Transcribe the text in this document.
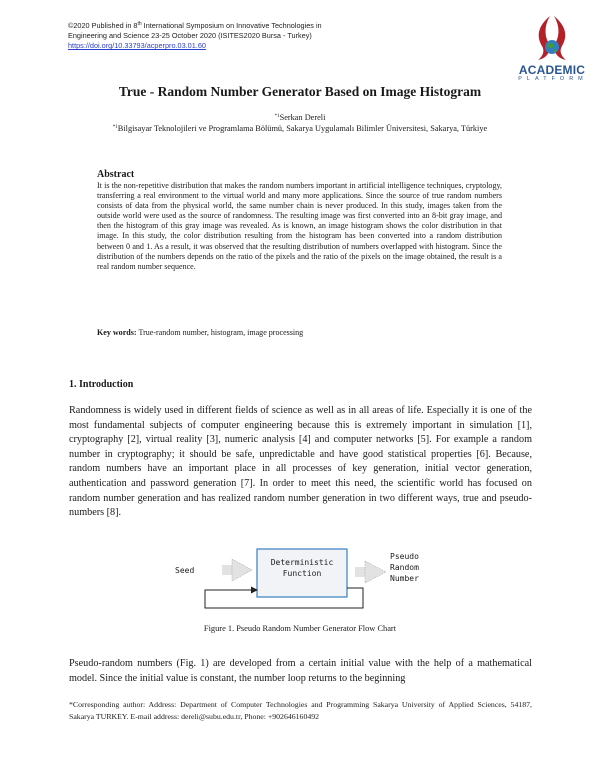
©2020 Published in 8th International Symposium on Innovative Technologies in
Engineering and Science 23-25 October 2020 (ISITES2020 Bursa - Turkey)
https://doi.org/10.33793/acperpro.03.01.60
ACADEMIC
PLATFORM
True - Random Number Generator Based on Image Histogram
$^{*1}$Serkan Dereli
$^{*1}$Bilgisayar Teknolojileri ve Programlama Bölümü, Sakarya Uygulamalı Bilimler Üniversitesi, Sakarya, Türkiye
Abstract
It is the non-repetitive distribution that makes the random numbers important in artificial intelligence techniques, cryptology, transferring a real environment to the virtual world and many more applications. Since the source of true random numbers consists of data from the physical world, the same number chain is never produced. In this study, images taken from the outside world were used as the source of randomness. The resulting image was first converted into an 8-bit gray image, and then the histogram of this gray image was revealed. As is known, an image histogram shows the color distribution in that image. In this study, the color distribution resulting from the histogram has been converted into a random distribution between 0 and 1. As a result, it was observed that the resulting distribution of numbers overlapped with histogram. Since the distribution of the numbers depends on the ratio of the pixels and the ratio of the pixels on the image obtained, the result is a real random number sequence.
Key words: True-random number, histogram, image processing
1. Introduction
Randomness is widely used in different fields of science as well as in all areas of life. Especially it is one of the most fundamental subjects of computer engineering because this is extremely important in simulation [1], cryptography [2], virtual reality [3], numeric analysis [4] and computer networks [5]. For example a random number in cryptography; it should be safe, unpredictable and have good statistical properties [6]. Because, random numbers have an important place in all processes of key generation, initial vector generation, authentication and password generation [7]. In order to meet this need, the scientific world has focused on random number generation and has realized random number generation in two different ways, true and pseudo-numbers [8].
Seed
Deterministic
Function
Pseudo
Random
Number
Figure 1. Pseudo Random Number Generator Flow Chart
Pseudo-random numbers (Fig. 1) are developed from a certain initial value with the help of a mathematical model. Since the initial value is constant, the number loop returns to the beginning
*Corresponding author: Address: Department of Computer Technologies and Programming Sakarya University of Applied Sciences, 54187, Sakarya TURKEY. E-mail address: dereli@subu.edu.tr, Phone: +902646160492
